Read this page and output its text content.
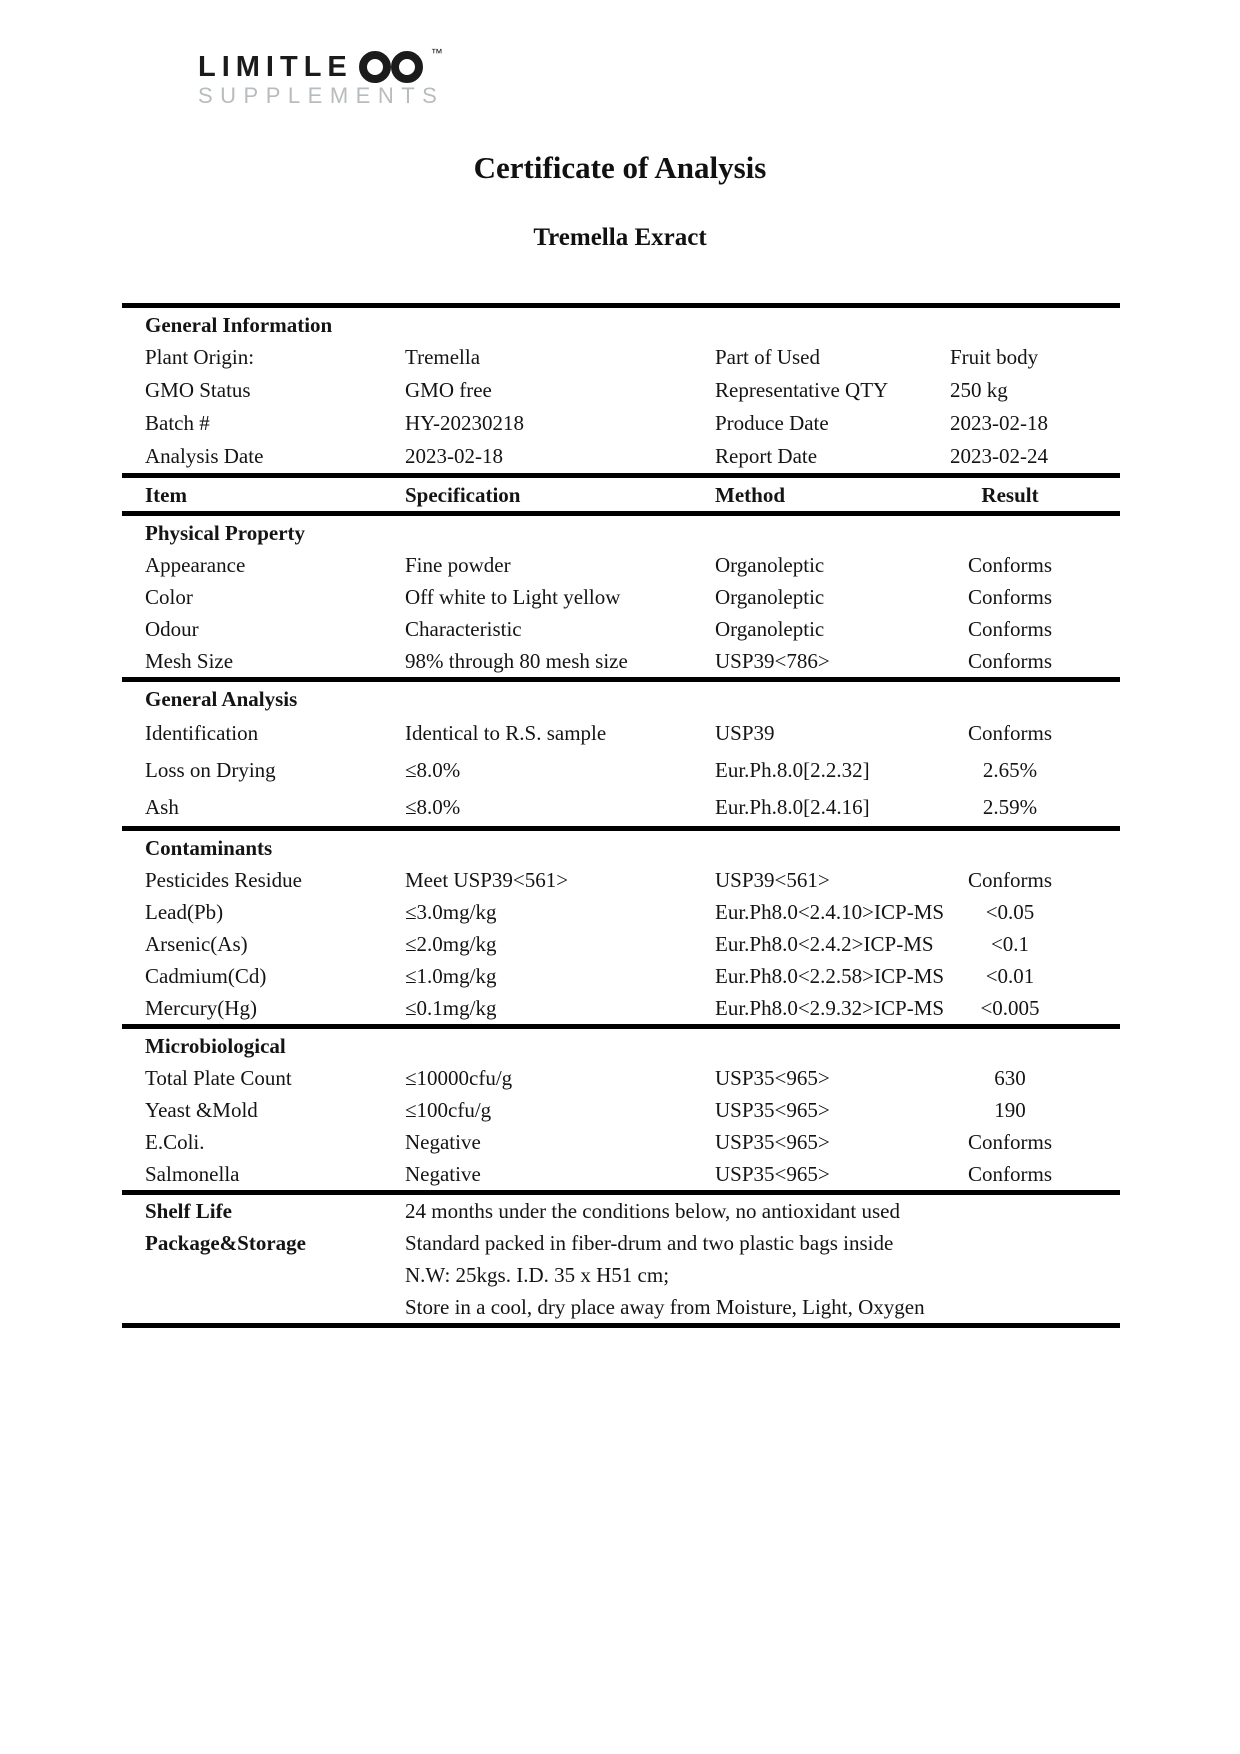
LIMITLE	™
SUPPLEMENTS
Certificate of Analysis
Tremella Exract
General Information
Plant Origin:	Tremella	Part of Used	Fruit body
GMO Status	GMO free	Representative QTY	250 kg
Batch #	HY-20230218	Produce Date	2023-02-18
Analysis Date	2023-02-18	Report Date	2023-02-24
Item	Specification	Method	Result
Physical Property
Appearance	Fine powder	Organoleptic	Conforms
Color	Off white to Light yellow	Organoleptic	Conforms
Odour	Characteristic	Organoleptic	Conforms
Mesh Size	98% through 80 mesh size	USP39<786>	Conforms
General Analysis
Identification	Identical to R.S. sample	USP39	Conforms
Loss on Drying	≤8.0%	Eur.Ph.8.0[2.2.32]	2.65%
Ash	≤8.0%	Eur.Ph.8.0[2.4.16]	2.59%
Contaminants
Pesticides Residue	Meet USP39<561>	USP39<561>	Conforms
Lead(Pb)	≤3.0mg/kg	Eur.Ph8.0<2.4.10>ICP-MS	<0.05
Arsenic(As)	≤2.0mg/kg	Eur.Ph8.0<2.4.2>ICP-MS	<0.1
Cadmium(Cd)	≤1.0mg/kg	Eur.Ph8.0<2.2.58>ICP-MS	<0.01
Mercury(Hg)	≤0.1mg/kg	Eur.Ph8.0<2.9.32>ICP-MS	<0.005
Microbiological
Total Plate Count	≤10000cfu/g	USP35<965>	630
Yeast &Mold	≤100cfu/g	USP35<965>	190
E.Coli.	Negative	USP35<965>	Conforms
Salmonella	Negative	USP35<965>	Conforms
Shelf Life	24 months under the conditions below, no antioxidant used
Package&Storage	Standard packed in fiber-drum and two plastic bags inside
N.W: 25kgs. I.D. 35 x H51 cm;
Store in a cool, dry place away from Moisture, Light, Oxygen
